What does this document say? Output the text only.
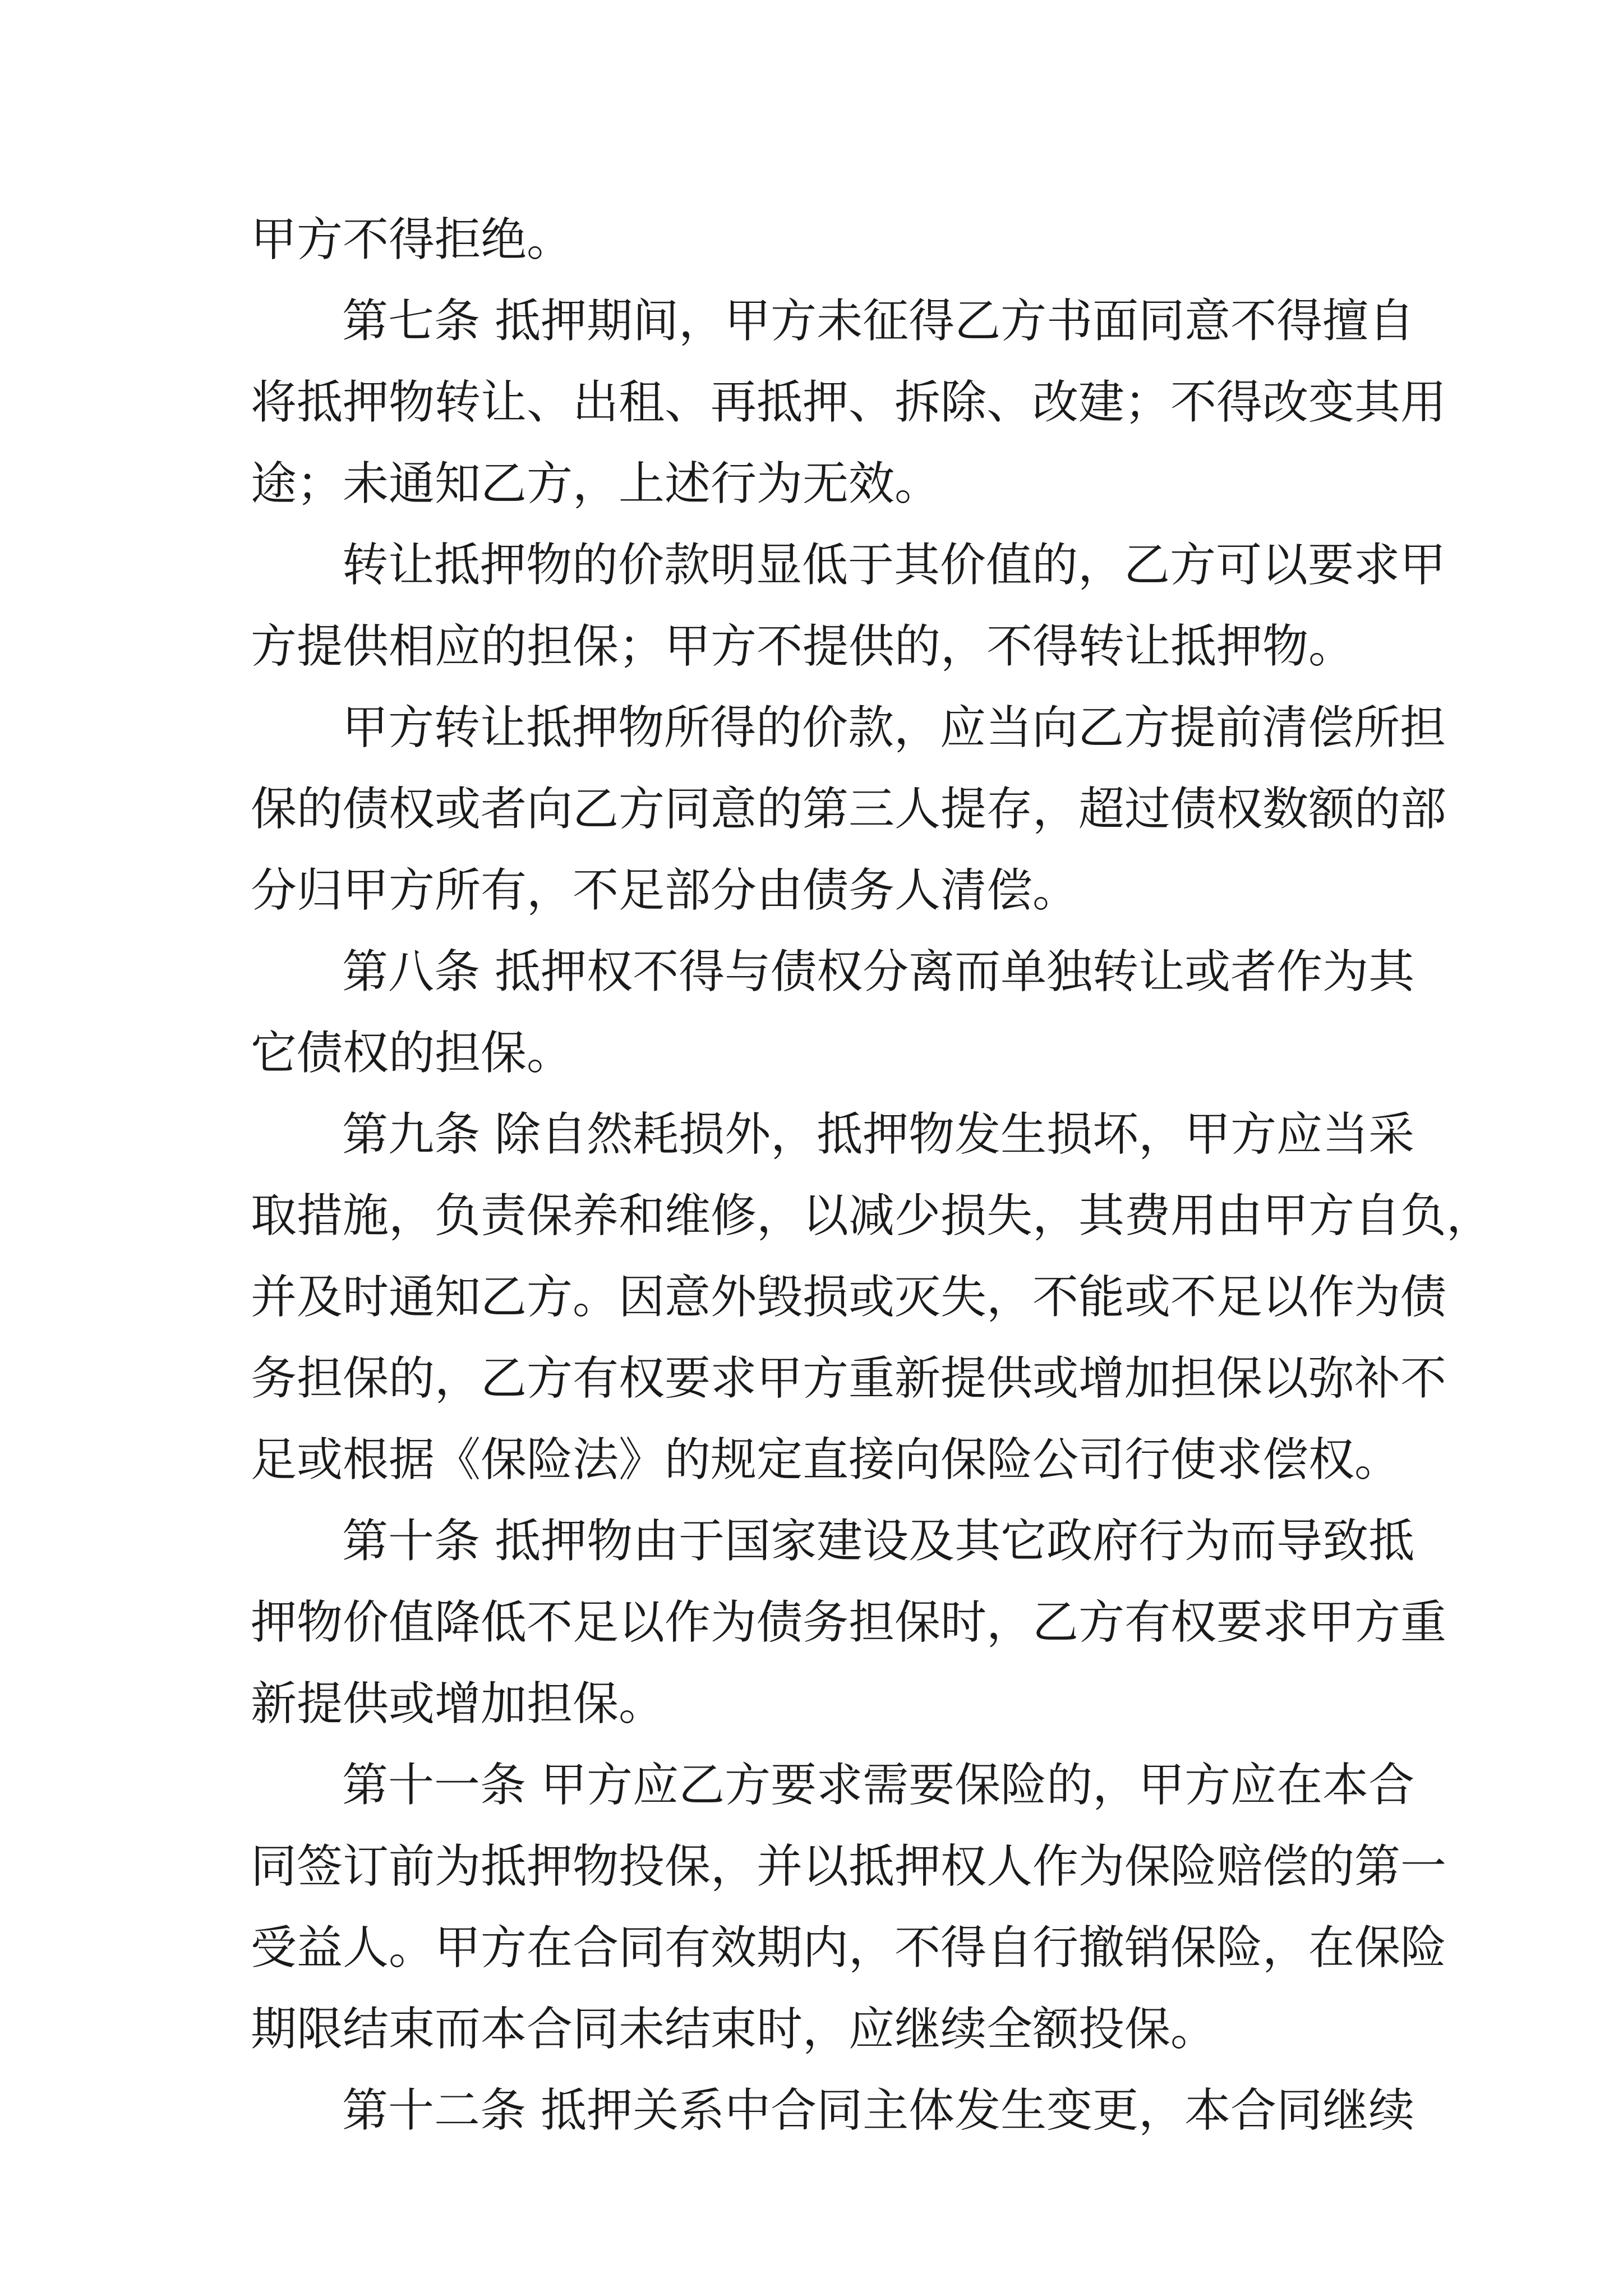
甲方不得拒绝。
第七条 抵押期间，甲方未征得乙方书面同意不得擅自
将抵押物转让、出租、再抵押、拆除、改建；不得改变其用
途；未通知乙方，上述行为无效。
转让抵押物的价款明显低于其价值的，乙方可以要求甲
方提供相应的担保；甲方不提供的，不得转让抵押物。
甲方转让抵押物所得的价款，应当向乙方提前清偿所担
保的债权或者向乙方同意的第三人提存，超过债权数额的部
分归甲方所有，不足部分由债务人清偿。
第八条 抵押权不得与债权分离而单独转让或者作为其
它债权的担保。
第九条 除自然耗损外，抵押物发生损坏，甲方应当采
取措施，负责保养和维修，以减少损失，其费用由甲方自负，
并及时通知乙方。因意外毁损或灭失，不能或不足以作为债
务担保的，乙方有权要求甲方重新提供或增加担保以弥补不
足或根据《保险法》的规定直接向保险公司行使求偿权。
第十条 抵押物由于国家建设及其它政府行为而导致抵
押物价值降低不足以作为债务担保时，乙方有权要求甲方重
新提供或增加担保。
第十一条 甲方应乙方要求需要保险的，甲方应在本合
同签订前为抵押物投保，并以抵押权人作为保险赔偿的第一
受益人。甲方在合同有效期内，不得自行撤销保险，在保险
期限结束而本合同未结束时，应继续全额投保。
第十二条 抵押关系中合同主体发生变更，本合同继续
